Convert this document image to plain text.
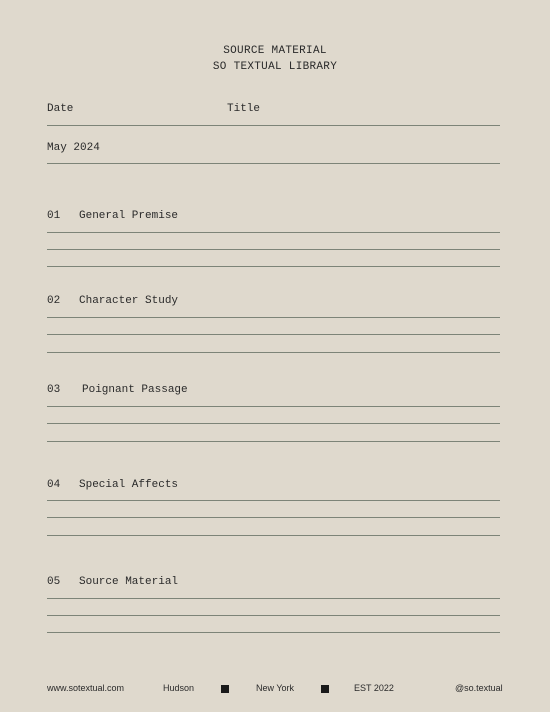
SOURCE MATERIAL
SO TEXTUAL LIBRARY
Date	Title
May 2024
01 General Premise
02 Character Study
03 Poignant Passage
04 Special Affects
05 Source Material
www.sotextual.com	Hudson	New York	EST 2022	@so.textual
